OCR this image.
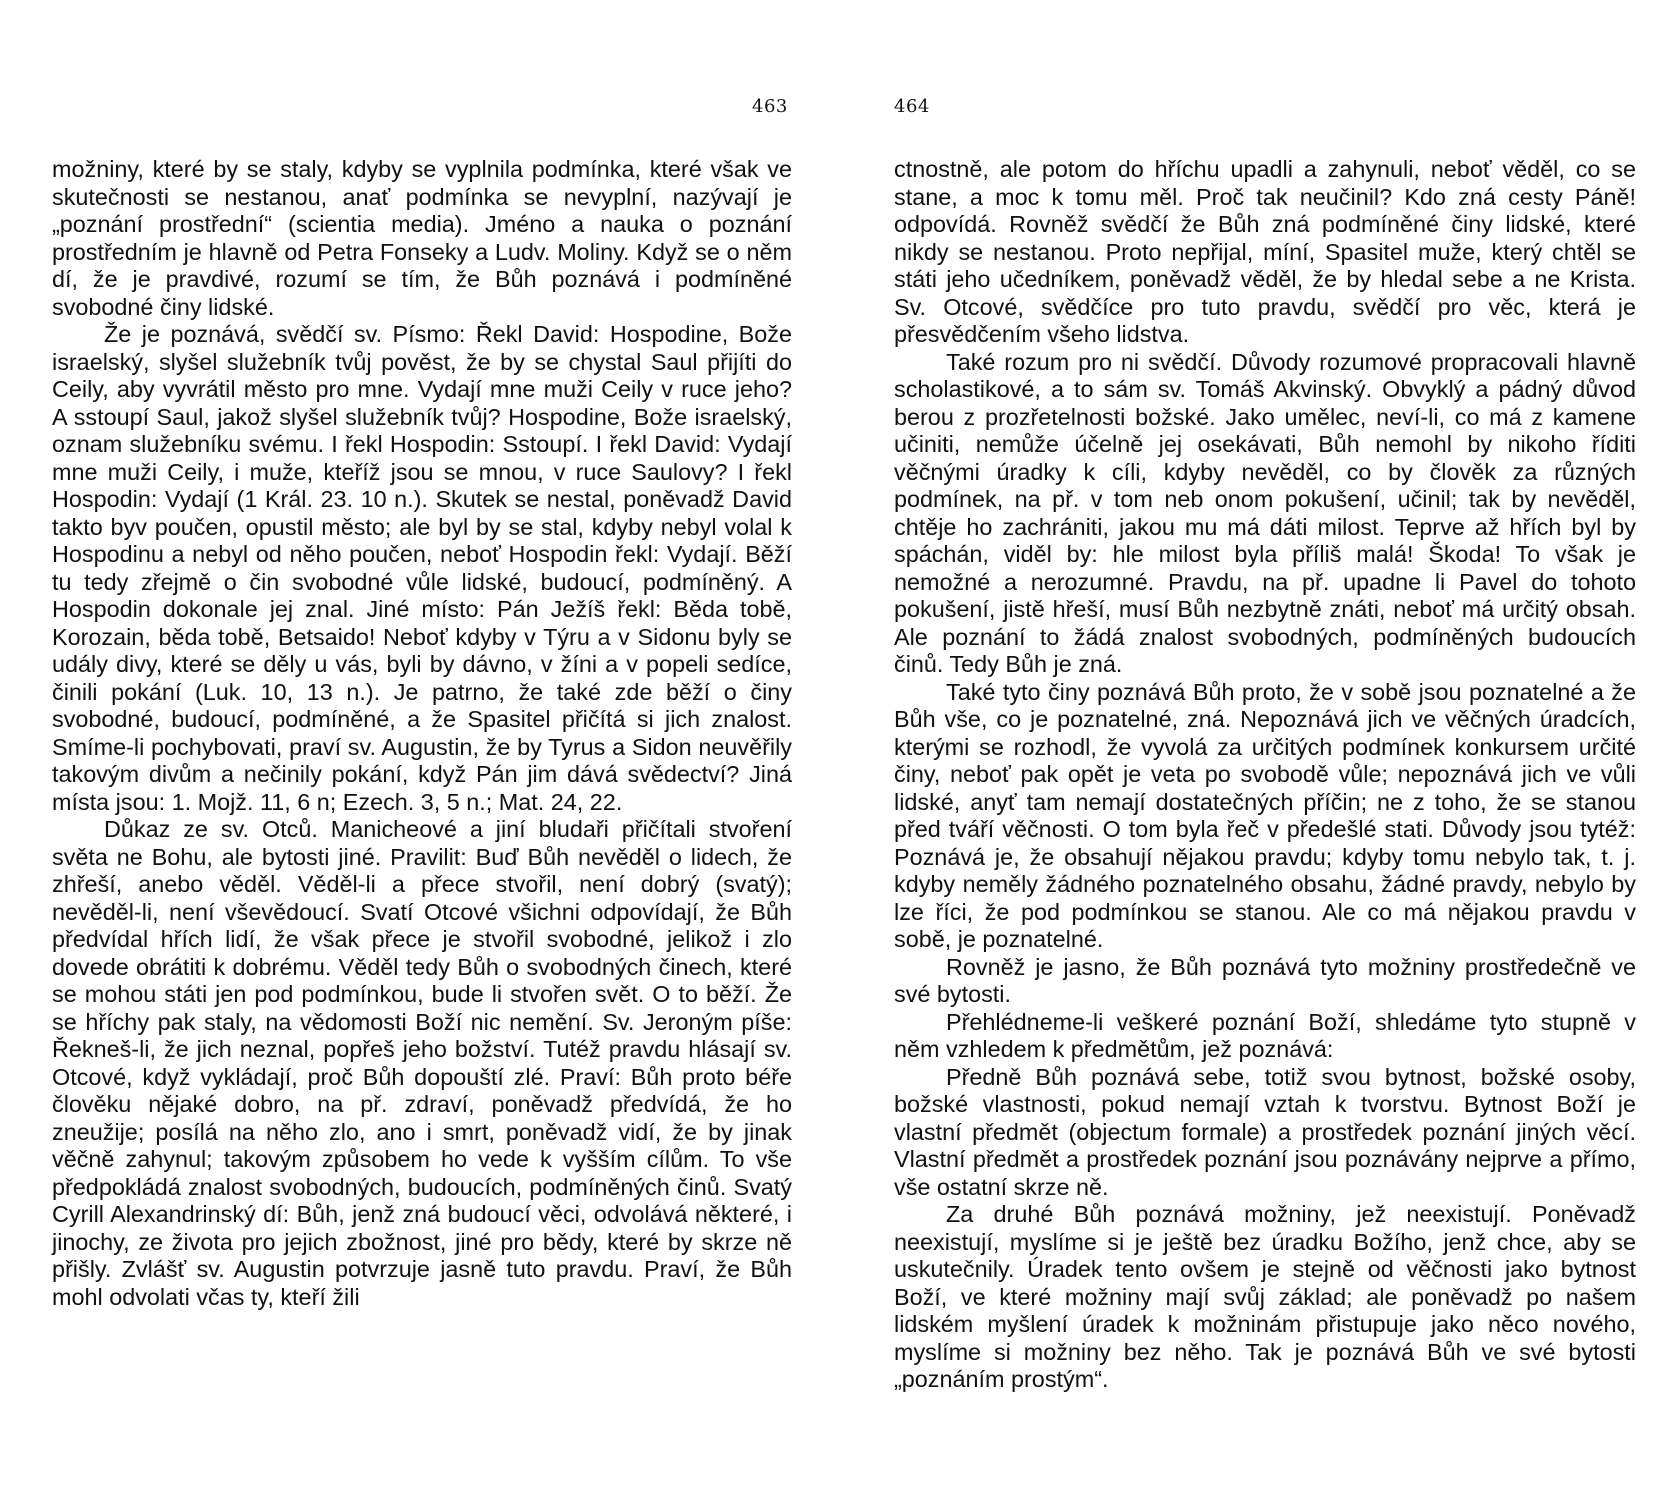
463

možniny, které by se staly, kdyby se vyplnila podmínka, které však ve skutečnosti se nestanou, anať podmínka se nevyplní, nazývají je „poznání prostřední“ (scientia media). Jméno a nauka o poznání prostředním je hlavně od Petra Fonseky a Ludv. Moliny. Když se o něm dí, že je pravdivé, rozumí se tím, že Bůh poznává i podmíněné svobodné činy lidské.

Že je poznává, svědčí sv. Písmo: Řekl David: Hospodine, Bože israelský, slyšel služebník tvůj pověst, že by se chystal Saul přijíti do Ceily, aby vyvrátil město pro mne. Vydají mne muži Ceily v ruce jeho? A sstoupí Saul, jakož slyšel služebník tvůj? Hospodine, Bože israelský, oznam služebníku svému. I řekl Hospodin: Sstoupí. I řekl David: Vydají mne muži Ceily, i muže, kteříž jsou se mnou, v ruce Saulovy? I řekl Hospodin: Vydají (1 Král. 23. 10 n.). Skutek se nestal, poněvadž David takto byv poučen, opustil město; ale byl by se stal, kdyby nebyl volal k Hospodinu a nebyl od něho poučen, neboť Hospodin řekl: Vydají. Běží tu tedy zřejmě o čin svobodné vůle lidské, budoucí, podmíněný. A Hospodin dokonale jej znal. Jiné místo: Pán Ježíš řekl: Běda tobě, Korozain, běda tobě, Betsaido! Neboť kdyby v Týru a v Sidonu byly se udály divy, které se děly u vás, byli by dávno, v žíni a v popeli sedíce, činili pokání (Luk. 10, 13 n.). Je patrno, že také zde běží o činy svobodné, budoucí, podmíněné, a že Spasitel přičítá si jich znalost. Smíme-li pochybovati, praví sv. Augustin, že by Tyrus a Sidon neuvěřily takovým divům a nečinily pokání, když Pán jim dává svědectví? Jiná místa jsou: 1. Mojž. 11, 6 n; Ezech. 3, 5 n.; Mat. 24, 22.

Důkaz ze sv. Otců. Manicheové a jiní bludaři přičítali stvoření světa ne Bohu, ale bytosti jiné. Pravilit: Buď Bůh nevěděl o lidech, že zhřeší, anebo věděl. Věděl-li a přece stvořil, není dobrý (svatý); nevěděl-li, není vševědoucí. Svatí Otcové všichni odpovídají, že Bůh předvídal hřích lidí, že však přece je stvořil svobodné, jelikož i zlo dovede obrátiti k dobrému. Věděl tedy Bůh o svobodných činech, které se mohou státi jen pod podmínkou, bude li stvořen svět. O to běží. Že se hříchy pak staly, na vědomosti Boží nic nemění. Sv. Jeroným píše: Řekneš-li, že jich neznal, popřeš jeho božství. Tutéž pravdu hlásají sv. Otcové, když vykládají, proč Bůh dopouští zlé. Praví: Bůh proto béře člověku nějaké dobro, na př. zdraví, poněvadž předvídá, že ho zneužije; posílá na něho zlo, ano i smrt, poněvadž vidí, že by jinak věčně zahynul; takovým způsobem ho vede k vyšším cílům. To vše předpokládá znalost svobodných, budoucích, podmíněných činů. Svatý Cyrill Alexandrinský dí: Bůh, jenž zná budoucí věci, odvolává některé, i jinochy, ze života pro jejich zbožnost, jiné pro bědy, které by skrze ně přišly. Zvlášť sv. Augustin potvrzuje jasně tuto pravdu. Praví, že Bůh mohl odvolati včas ty, kteří žili

464

ctnostně, ale potom do hříchu upadli a zahynuli, neboť věděl, co se stane, a moc k tomu měl. Proč tak neučinil? Kdo zná cesty Páně! odpovídá. Rovněž svědčí že Bůh zná podmíněné činy lidské, které nikdy se nestanou. Proto nepřijal, míní, Spasitel muže, který chtěl se státi jeho učedníkem, poněvadž věděl, že by hledal sebe a ne Krista. Sv. Otcové, svědčíce pro tuto pravdu, svědčí pro věc, která je přesvědčením všeho lidstva.

Také rozum pro ni svědčí. Důvody rozumové propracovali hlavně scholastikové, a to sám sv. Tomáš Akvinský. Obvyklý a pádný důvod berou z prozřetelnosti božské. Jako umělec, neví-li, co má z kamene učiniti, nemůže účelně jej osekávati, Bůh nemohl by nikoho říditi věčnými úradky k cíli, kdyby nevěděl, co by člověk za různých podmínek, na př. v tom neb onom pokušení, učinil; tak by nevěděl, chtěje ho zachrániti, jakou mu má dáti milost. Teprve až hřích byl by spáchán, viděl by: hle milost byla příliš malá! Škoda! To však je nemožné a nerozumné. Pravdu, na př. upadne li Pavel do tohoto pokušení, jistě hřeší, musí Bůh nezbytně znáti, neboť má určitý obsah. Ale poznání to žádá znalost svobodných, podmíněných budoucích činů. Tedy Bůh je zná.

Také tyto činy poznává Bůh proto, že v sobě jsou poznatelné a že Bůh vše, co je poznatelné, zná. Nepoznává jich ve věčných úradcích, kterými se rozhodl, že vyvolá za určitých podmínek konkursem určité činy, neboť pak opět je veta po svobodě vůle; nepoznává jich ve vůli lidské, anyť tam nemají dostatečných příčin; ne z toho, že se stanou před tváří věčnosti. O tom byla řeč v předešlé stati. Důvody jsou tytéž: Poznává je, že obsahují nějakou pravdu; kdyby tomu nebylo tak, t. j. kdyby neměly žádného poznatelného obsahu, žádné pravdy, nebylo by lze říci, že pod podmínkou se stanou. Ale co má nějakou pravdu v sobě, je poznatelné.

Rovněž je jasno, že Bůh poznává tyto možniny prostředečně ve své bytosti.

Přehlédneme-li veškeré poznání Boží, shledáme tyto stupně v něm vzhledem k předmětům, jež poznává:

Předně Bůh poznává sebe, totiž svou bytnost, božské osoby, božské vlastnosti, pokud nemají vztah k tvorstvu. Bytnost Boží je vlastní předmět (objectum formale) a prostředek poznání jiných věcí. Vlastní předmět a prostředek poznání jsou poznávány nejprve a přímo, vše ostatní skrze ně.

Za druhé Bůh poznává možniny, jež neexistují. Poněvadž neexistují, myslíme si je ještě bez úradku Božího, jenž chce, aby se uskutečnily. Úradek tento ovšem je stejně od věčnosti jako bytnost Boží, ve které možniny mají svůj základ; ale poněvadž po našem lidském myšlení úradek k možninám přistupuje jako něco nového, myslíme si možniny bez něho. Tak je poznává Bůh ve své bytosti „poznáním prostým“.
